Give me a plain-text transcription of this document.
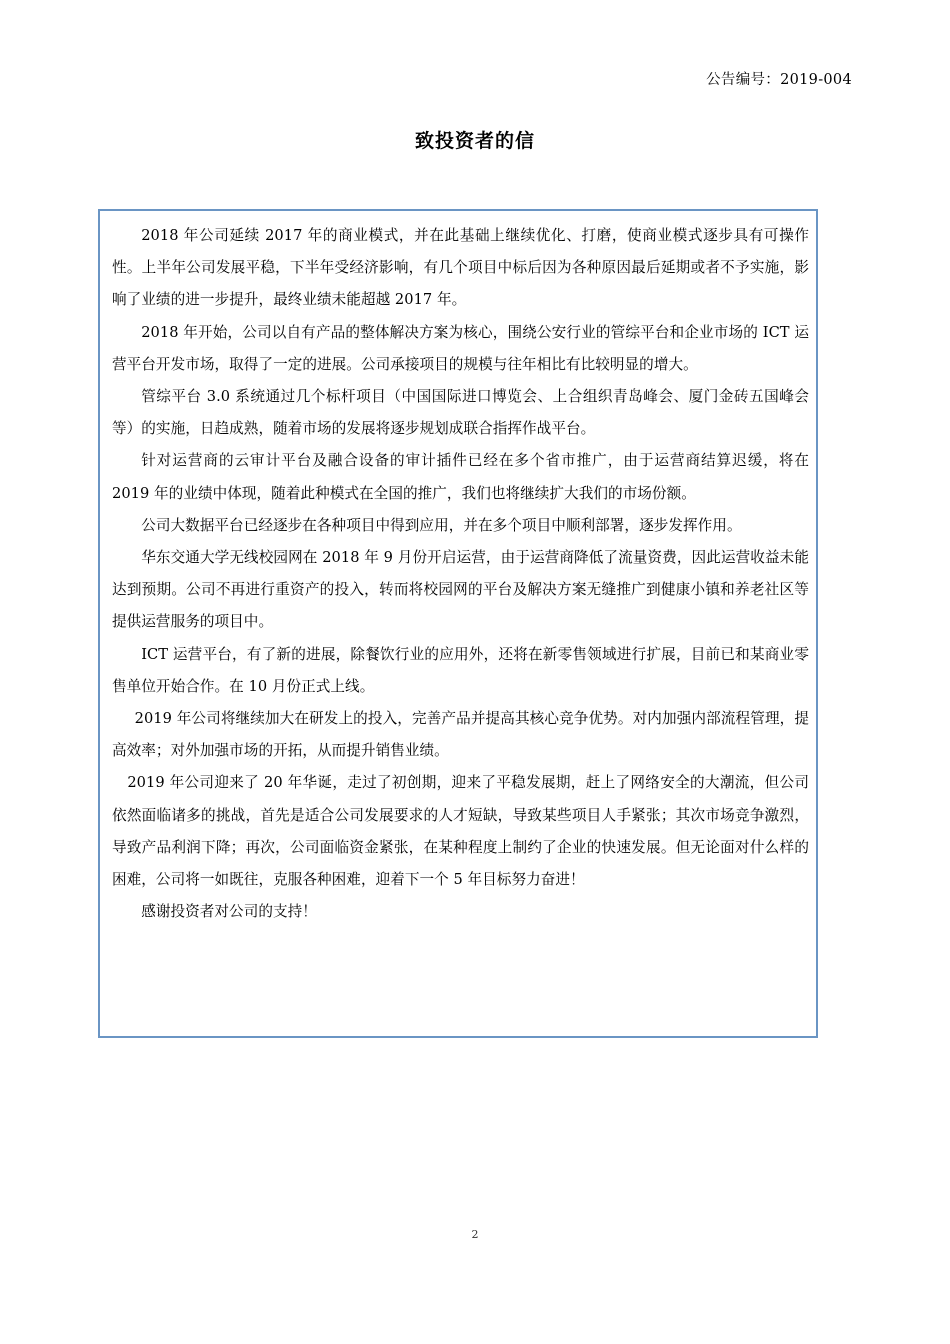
公告编号：2019-004
致投资者的信

2018 年公司延续 2017 年的商业模式，并在此基础上继续优化、打磨，使商业模式逐步具有可操作性。上半年公司发展平稳，下半年受经济影响，有几个项目中标后因为各种原因最后延期或者不予实施，影响了业绩的进一步提升，最终业绩未能超越 2017 年。

2018 年开始，公司以自有产品的整体解决方案为核心，围绕公安行业的管综平台和企业市场的 ICT 运营平台开发市场，取得了一定的进展。公司承接项目的规模与往年相比有比较明显的增大。

管综平台 3.0 系统通过几个标杆项目（中国国际进口博览会、上合组织青岛峰会、厦门金砖五国峰会等）的实施，日趋成熟，随着市场的发展将逐步规划成联合指挥作战平台。

针对运营商的云审计平台及融合设备的审计插件已经在多个省市推广，由于运营商结算迟缓，将在 2019 年的业绩中体现，随着此种模式在全国的推广，我们也将继续扩大我们的市场份额。

公司大数据平台已经逐步在各种项目中得到应用，并在多个项目中顺利部署，逐步发挥作用。

华东交通大学无线校园网在 2018 年 9 月份开启运营，由于运营商降低了流量资费，因此运营收益未能达到预期。公司不再进行重资产的投入，转而将校园网的平台及解决方案无缝推广到健康小镇和养老社区等提供运营服务的项目中。

ICT 运营平台，有了新的进展，除餐饮行业的应用外，还将在新零售领域进行扩展，目前已和某商业零售单位开始合作。在 10 月份正式上线。

2019 年公司将继续加大在研发上的投入，完善产品并提高其核心竞争优势。对内加强内部流程管理，提高效率；对外加强市场的开拓，从而提升销售业绩。

2019 年公司迎来了 20 年华诞，走过了初创期，迎来了平稳发展期，赶上了网络安全的大潮流，但公司依然面临诸多的挑战，首先是适合公司发展要求的人才短缺，导致某些项目人手紧张；其次市场竞争激烈，导致产品利润下降；再次，公司面临资金紧张，在某种程度上制约了企业的快速发展。但无论面对什么样的困难，公司将一如既往，克服各种困难，迎着下一个 5 年目标努力奋进！

感谢投资者对公司的支持！

2
